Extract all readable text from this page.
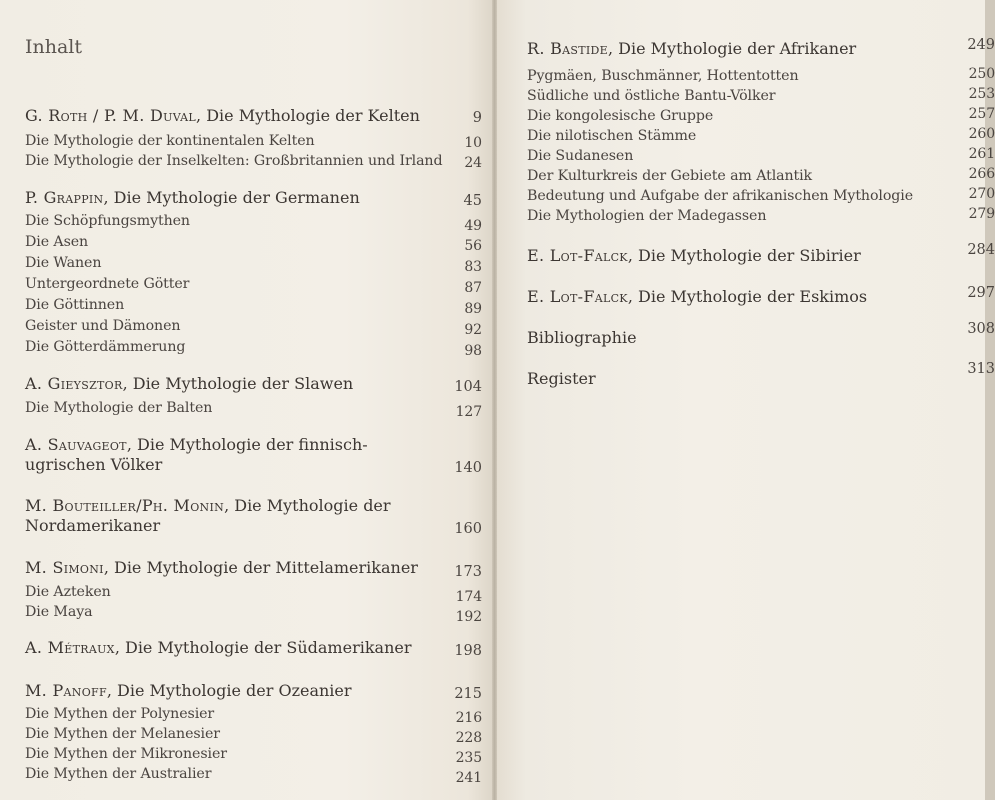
Inhalt
G. Roth / P. M. Duval , Die Mythologie der Kelten	9
Die Mythologie der kontinentalen Kelten	10
Die Mythologie der Inselkelten: Großbritannien und Irland	24
P. Grappin , Die Mythologie der Germanen	45
Die Schöpfungsmythen	49
Die Asen	56
Die Wanen	83
Untergeordnete Götter	87
Die Göttinnen	89
Geister und Dämonen	92
Die Götterdämmerung	98
A. Gieysztor , Die Mythologie der Slawen	104
Die Mythologie der Balten	127
A. Sauvageot , Die Mythologie der finnisch-
ugrischen Völker	140
M. Bouteiller/Ph. Monin , Die Mythologie der
Nordamerikaner	160
M. Simoni , Die Mythologie der Mittelamerikaner	173
Die Azteken	174
Die Maya	192
A. Métraux , Die Mythologie der Südamerikaner	198
M. Panoff , Die Mythologie der Ozeanier	215
Die Mythen der Polynesier	216
Die Mythen der Melanesier	228
Die Mythen der Mikronesier	235
Die Mythen der Australier	241
R. Bastide , Die Mythologie der Afrikaner	249
Pygmäen, Buschmänner, Hottentotten	250
Südliche und östliche Bantu-Völker	253
Die kongolesische Gruppe	257
Die nilotischen Stämme	260
Die Sudanesen	261
Der Kulturkreis der Gebiete am Atlantik	266
Bedeutung und Aufgabe der afrikanischen Mythologie	270
Die Mythologien der Madegassen	279
E. Lot-Falck , Die Mythologie der Sibirier	284
E. Lot-Falck , Die Mythologie der Eskimos	297
Bibliographie	308
Register	313
